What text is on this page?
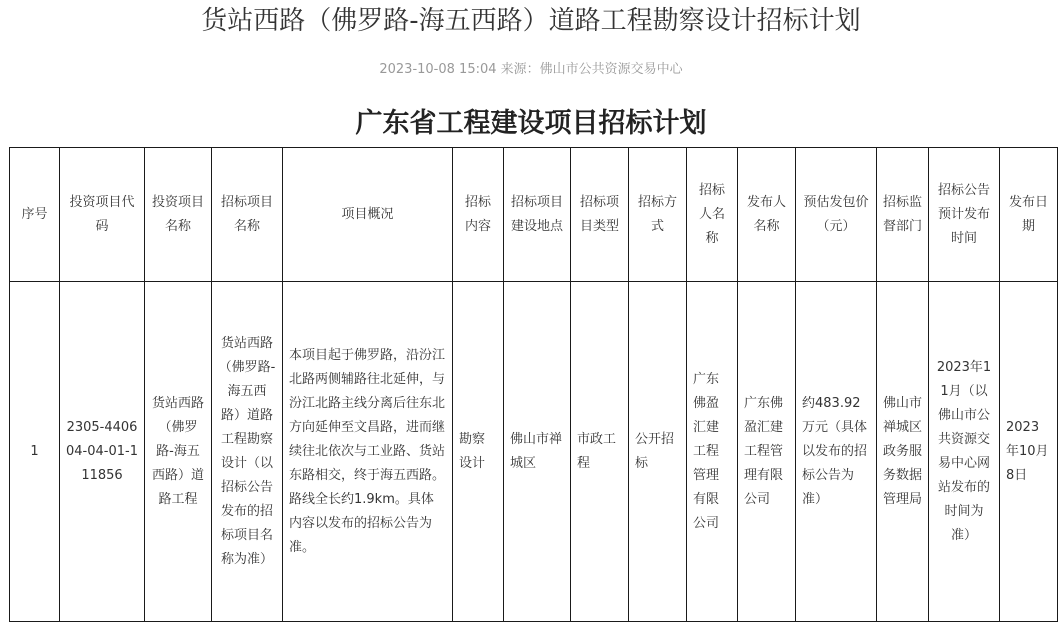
货站西路（佛罗路-海五西路）道路工程勘察设计招标计划
2023-10-08 15:04 来源：佛山市公共资源交易中心
广东省工程建设项目招标计划
序号	投资项目代码	投资项目名称	招标项目名称	项目概况	招标内容	招标项目建设地点	招标项目类型	招标方式	招标人名称	发布人名称	预估发包价（元）	招标监督部门	招标公告预计发布时间	发布日期
1	2305-440604-04-01-111856	货站西路（佛罗路-海五西路）道路工程	货站西路（佛罗路-海五西路）道路工程勘察设计（以招标公告发布的招标项目名称为准）	本项目起于佛罗路，沿汾江北路两侧辅路往北延伸，与汾江北路主线分离后往东北方向延伸至文昌路，进而继续往北依次与工业路、货站东路相交，终于海五西路。路线全长约1.9km。具体内容以发布的招标公告为准。	勘察设计	佛山市禅城区	市政工程	公开招标	广东佛盈汇建工程管理有限公司	广东佛盈汇建工程管理有限公司	约483.92万元（具体以发布的招标公告为准）	佛山市禅城区政务服务数据管理局	2023年11月（以佛山市公共资源交易中心网站发布的时间为准）	2023年10月8日
